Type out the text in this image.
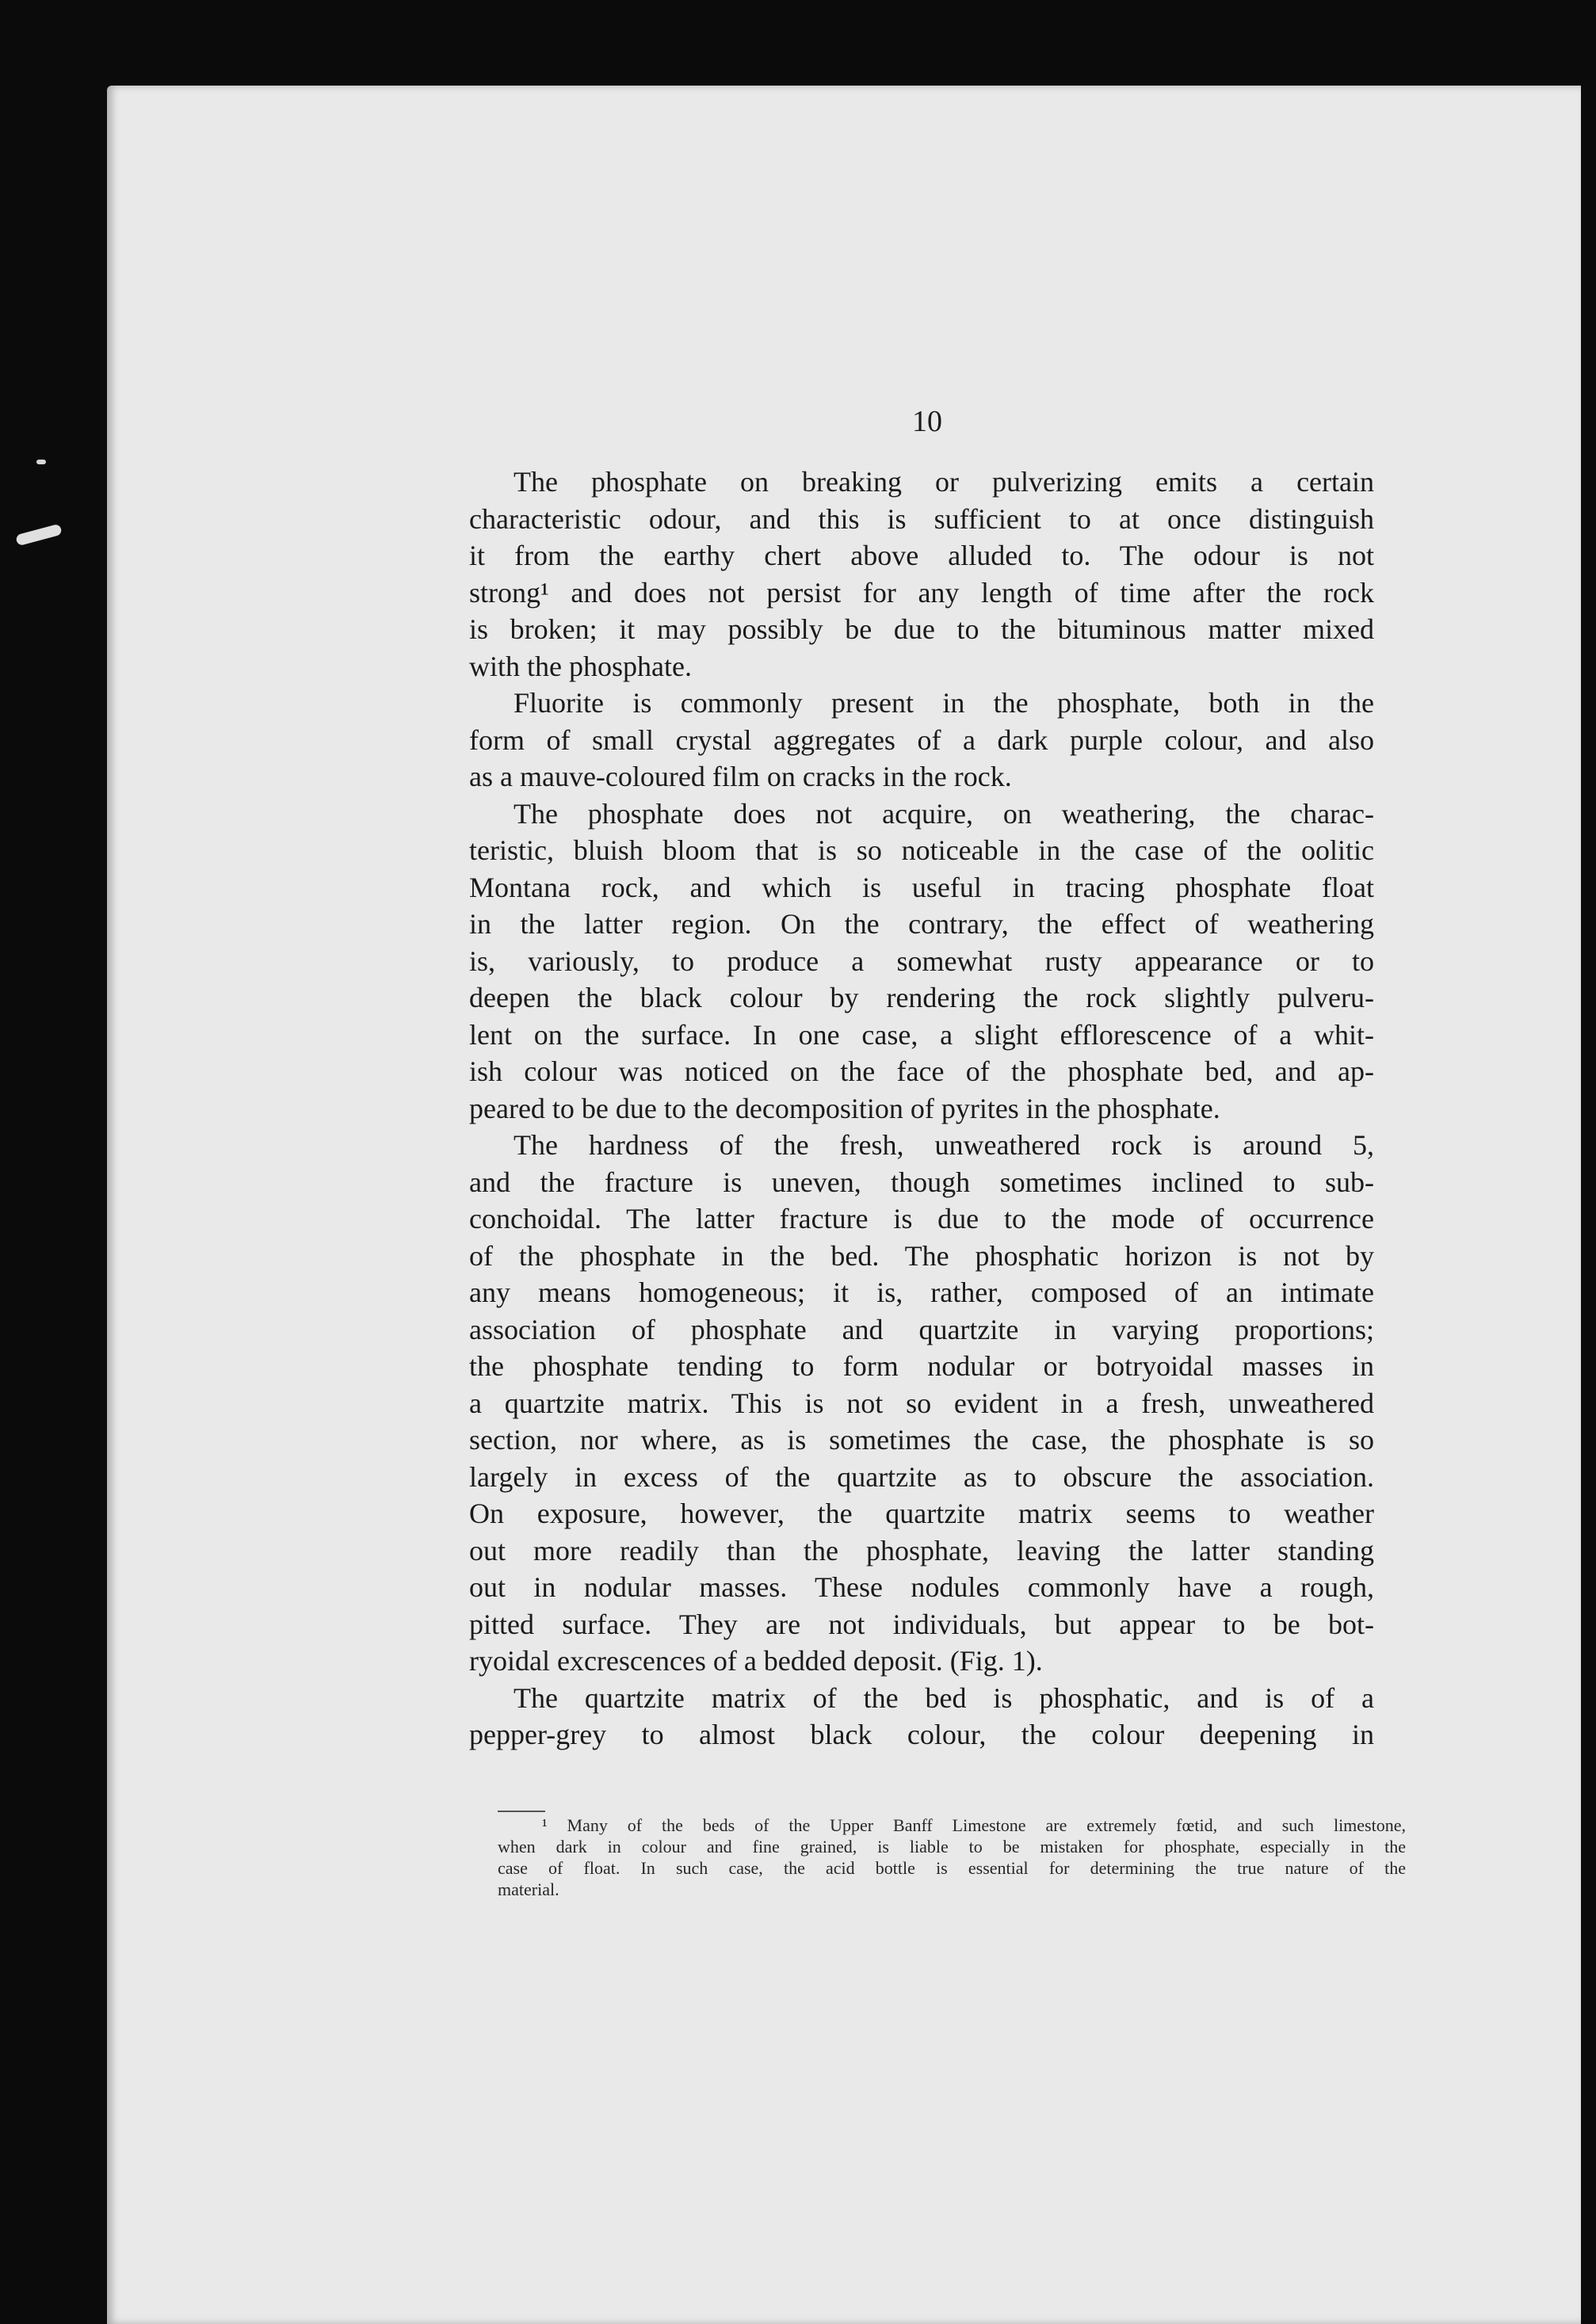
10
The phosphate on breaking or pulverizing emits a certain
characteristic odour, and this is sufficient to at once distinguish
it from the earthy chert above alluded to. The odour is not
strong¹ and does not persist for any length of time after the rock
is broken; it may possibly be due to the bituminous matter mixed
with the phosphate.
Fluorite is commonly present in the phosphate, both in the
form of small crystal aggregates of a dark purple colour, and also
as a mauve-coloured film on cracks in the rock.
The phosphate does not acquire, on weathering, the charac-
teristic, bluish bloom that is so noticeable in the case of the oolitic
Montana rock, and which is useful in tracing phosphate float
in the latter region. On the contrary, the effect of weathering
is, variously, to produce a somewhat rusty appearance or to
deepen the black colour by rendering the rock slightly pulveru-
lent on the surface. In one case, a slight efflorescence of a whit-
ish colour was noticed on the face of the phosphate bed, and ap-
peared to be due to the decomposition of pyrites in the phosphate.
The hardness of the fresh, unweathered rock is around 5,
and the fracture is uneven, though sometimes inclined to sub-
conchoidal. The latter fracture is due to the mode of occurrence
of the phosphate in the bed. The phosphatic horizon is not by
any means homogeneous; it is, rather, composed of an intimate
association of phosphate and quartzite in varying proportions;
the phosphate tending to form nodular or botryoidal masses in
a quartzite matrix. This is not so evident in a fresh, unweathered
section, nor where, as is sometimes the case, the phosphate is so
largely in excess of the quartzite as to obscure the association.
On exposure, however, the quartzite matrix seems to weather
out more readily than the phosphate, leaving the latter standing
out in nodular masses. These nodules commonly have a rough,
pitted surface. They are not individuals, but appear to be bot-
ryoidal excrescences of a bedded deposit. (Fig. 1).
The quartzite matrix of the bed is phosphatic, and is of a
pepper-grey to almost black colour, the colour deepening in
¹ Many of the beds of the Upper Banff Limestone are extremely fœtid, and such limestone,
when dark in colour and fine grained, is liable to be mistaken for phosphate, especially in the
case of float. In such case, the acid bottle is essential for determining the true nature of the
material.
